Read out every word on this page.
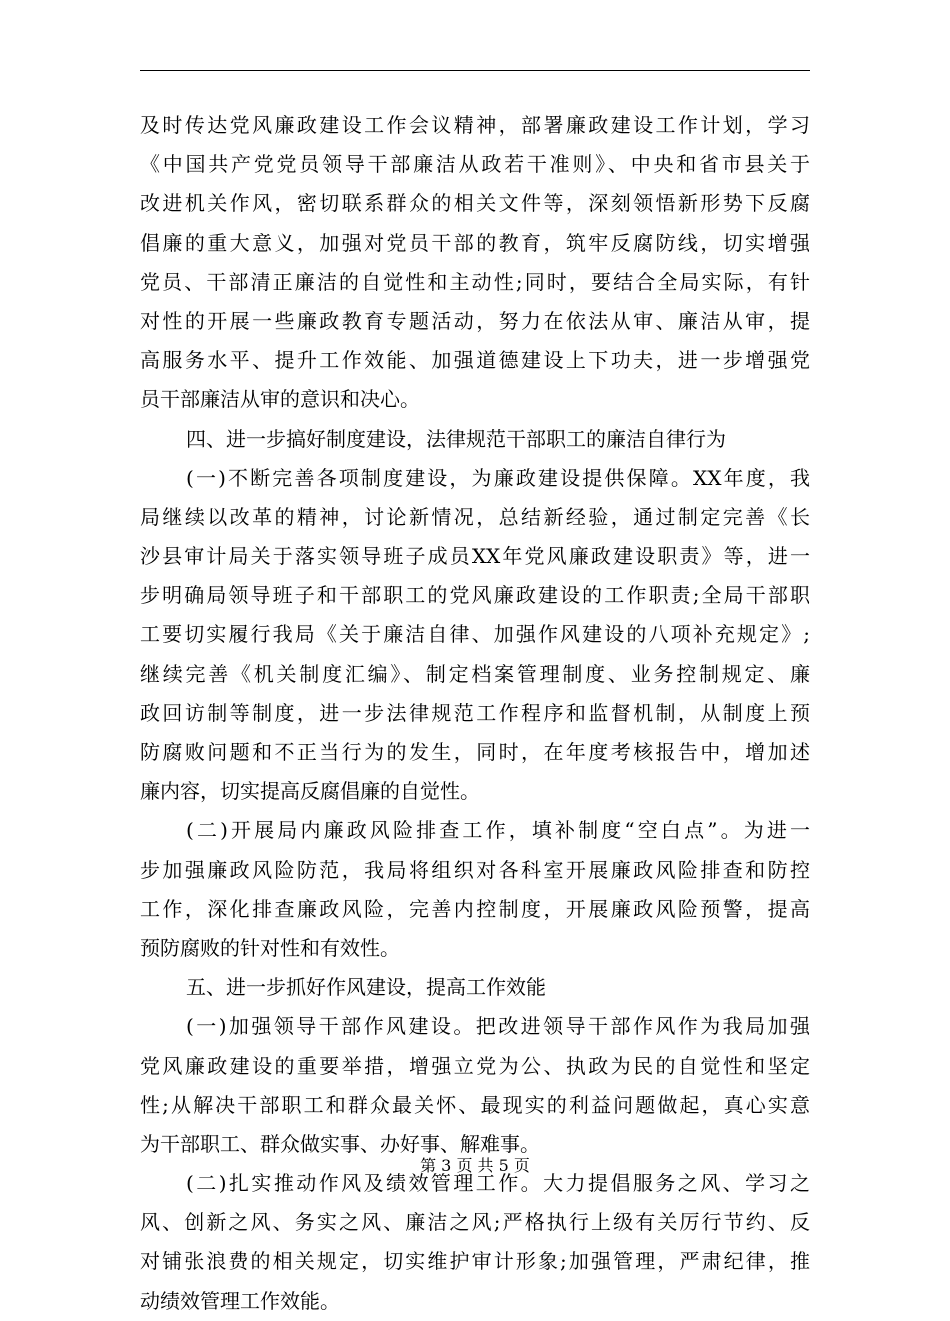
及时传达党风廉政建设工作会议精神，部署廉政建设工作计划，学习
《中国共产党党员领导干部廉洁从政若干准则》、中央和省市县关于
改进机关作风，密切联系群众的相关文件等，深刻领悟新形势下反腐
倡廉的重大意义，加强对党员干部的教育，筑牢反腐防线，切实增强
党员、干部清正廉洁的自觉性和主动性;同时，要结合全局实际，有针
对性的开展一些廉政教育专题活动，努力在依法从审、廉洁从审，提
高服务水平、提升工作效能、加强道德建设上下功夫，进一步增强党
员干部廉洁从审的意识和决心。
四、进一步搞好制度建设，法律规范干部职工的廉洁自律行为
(一)不断完善各项制度建设，为廉政建设提供保障。XX年度，我
局继续以改革的精神，讨论新情况，总结新经验，通过制定完善《长
沙县审计局关于落实领导班子成员XX年党风廉政建设职责》等，进一
步明确局领导班子和干部职工的党风廉政建设的工作职责;全局干部职
工要切实履行我局《关于廉洁自律、加强作风建设的八项补充规定》;
继续完善《机关制度汇编》、制定档案管理制度、业务控制规定、廉
政回访制等制度，进一步法律规范工作程序和监督机制，从制度上预
防腐败问题和不正当行为的发生，同时，在年度考核报告中，增加述
廉内容，切实提高反腐倡廉的自觉性。
(二)开展局内廉政风险排查工作，填补制度“空白点”。为进一
步加强廉政风险防范，我局将组织对各科室开展廉政风险排查和防控
工作，深化排查廉政风险，完善内控制度，开展廉政风险预警，提高
预防腐败的针对性和有效性。
五、进一步抓好作风建设，提高工作效能
(一)加强领导干部作风建设。把改进领导干部作风作为我局加强
党风廉政建设的重要举措，增强立党为公、执政为民的自觉性和坚定
性;从解决干部职工和群众最关怀、最现实的利益问题做起，真心实意
为干部职工、群众做实事、办好事、解难事。
(二)扎实推动作风及绩效管理工作。大力提倡服务之风、学习之
风、创新之风、务实之风、廉洁之风;严格执行上级有关厉行节约、反
对铺张浪费的相关规定，切实维护审计形象;加强管理，严肃纪律，推
动绩效管理工作效能。
第 3 页 共 5 页
